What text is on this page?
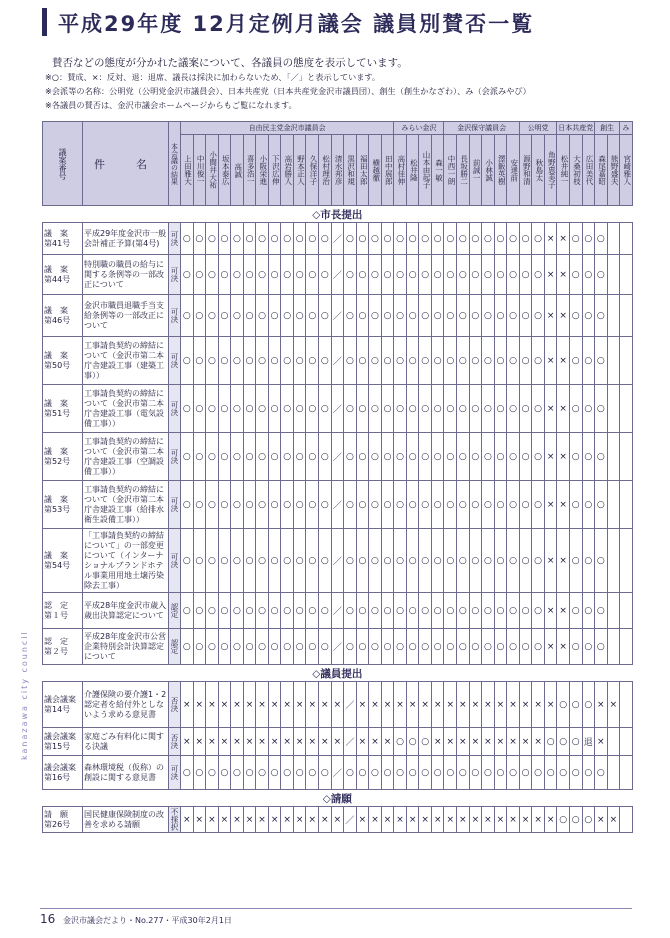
平成29年度 12月定例月議会 議員別賛否一覧
賛否などの態度が分かれた議案について、各議員の態度を表示しています。
※○：賛成、×：反対、退：退席、議長は採決に加わらないため、「／」と表示しています。
※会派等の名称：公明党（公明党金沢市議員会）、日本共産党（日本共産党金沢市議員団）、創生（創生かなざわ）、み（会派みやび）
※各議員の賛否は、金沢市議会ホームページからもご覧になれます。
kanazawa city council
議案番号	件　名	本会議の結果	自由民主党金沢市議員会																	みらい金沢				金沢保守議員会						公明党			日本共産党			創生		み
			上田雅大	中川俊一	小間井大祐	坂本泰広	高誠	喜多浩一	小阪栄進	下沢広伸	高岩勝人	野本正人	久保洋子	松村理治	清水邦彦	黒沢和規	福田太郎	横越徹	田中展郎	高村佳伸	松井隆	山本由起子	森一敏	中西一朗	長坂勝二	前誠一	小林誠	澤飯英樹	安達前	源野和清	秋島太	角野恵美子	松井純一	大桑初枝	広田美代	森尾嘉昭	熊野盛夫	宮崎雅人
◇市長提出																																						
議　案
第41号	平成29年度金沢市一般会計補正予算(第4号)	可決	○	○	○	○	○	○	○	○	○	○	○	○	／	○	○	○	○	○	○	○	○	○	○	○	○	○	○	○	○	×	×	○	○	○		
議　案
第44号	特別職の職員の給与に関する条例等の一部改正について	可決	○	○	○	○	○	○	○	○	○	○	○	○	／	○	○	○	○	○	○	○	○	○	○	○	○	○	○	○	○	×	×	○	○	○		
議　案
第46号	金沢市職員退職手当支給条例等の一部改正について	可決	○	○	○	○	○	○	○	○	○	○	○	○	／	○	○	○	○	○	○	○	○	○	○	○	○	○	○	○	○	×	×	○	○	○		
議　案
第50号	工事請負契約の締結について（金沢市第二本庁舎建設工事（建築工事））	可決	○	○	○	○	○	○	○	○	○	○	○	○	／	○	○	○	○	○	○	○	○	○	○	○	○	○	○	○	○	×	×	○	○	○		
議　案
第51号	工事請負契約の締結について（金沢市第二本庁舎建設工事（電気設備工事））	可決	○	○	○	○	○	○	○	○	○	○	○	○	／	○	○	○	○	○	○	○	○	○	○	○	○	○	○	○	○	×	×	○	○	○		
議　案
第52号	工事請負契約の締結について（金沢市第二本庁舎建設工事（空調設備工事））	可決	○	○	○	○	○	○	○	○	○	○	○	○	／	○	○	○	○	○	○	○	○	○	○	○	○	○	○	○	○	×	×	○	○	○		
議　案
第53号	工事請負契約の締結について（金沢市第二本庁舎建設工事（給排水衛生設備工事））	可決	○	○	○	○	○	○	○	○	○	○	○	○	／	○	○	○	○	○	○	○	○	○	○	○	○	○	○	○	○	×	×	○	○	○		
議　案
第54号	「工事請負契約の締結について」の一部変更について（インターナショナルブランドホテル事業用用地土壌汚染除去工事）	可決	○	○	○	○	○	○	○	○	○	○	○	○	／	○	○	○	○	○	○	○	○	○	○	○	○	○	○	○	○	×	×	○	○	○		
認　定
第１号	平成28年度金沢市歳入歳出決算認定について	認定	○	○	○	○	○	○	○	○	○	○	○	○	／	○	○	○	○	○	○	○	○	○	○	○	○	○	○	○	○	×	×	○	○	○		
認　定
第２号	平成28年度金沢市公営企業特別会計決算認定について	認定	○	○	○	○	○	○	○	○	○	○	○	○	／	○	○	○	○	○	○	○	○	○	○	○	○	○	○	○	○	×	×	○	○	○		
◇議員提出																																						
議会議案
第14号	介護保険の要介護1・2認定者を給付外としないよう求める意見書	否決	×	×	×	×	×	×	×	×	×	×	×	×	×	／	×	×	×	×	×	×	×	×	×	×	×	×	×	×	×	×	○	○	○	×	×	
議会議案
第15号	家庭ごみ有料化に関する決議	否決	×	×	×	×	×	×	×	×	×	×	×	×	×	／	×	×	×	○	○	○	×	×	×	×	×	×	×	×	×	○	○	○	退	×		
議会議案
第16号	森林環境税（仮称）の創設に関する意見書	可決	○	○	○	○	○	○	○	○	○	○	○	○	／	○	○	○	○	○	○	○	○	○	○	○	○	○	○	○	○	○	○	○	○	○		
◇請願																																						
請　願
第26号	国民健康保険制度の改善を求める請願	不採択	×	×	×	×	×	×	×	×	×	×	×	×	×	／	×	×	×	×	×	×	×	×	×	×	×	×	×	×	×	×	○	○	○	×	×	
16 金沢市議会だより・No.277・平成30年2月1日
